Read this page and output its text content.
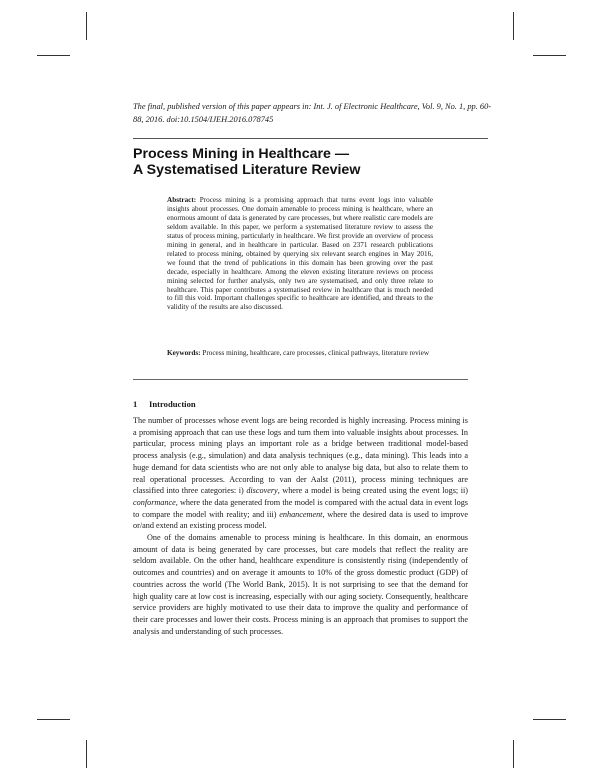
The final, published version of this paper appears in: Int. J. of Electronic Healthcare, Vol. 9, No. 1, pp. 60-88, 2016. doi:10.1504/IJEH.2016.078745
Process Mining in Healthcare —
A Systematised Literature Review
Abstract: Process mining is a promising approach that turns event logs into valuable insights about processes. One domain amenable to process mining is healthcare, where an enormous amount of data is generated by care processes, but where realistic care models are seldom available. In this paper, we perform a systematised literature review to assess the status of process mining, particularly in healthcare. We first provide an overview of process mining in general, and in healthcare in particular. Based on 2371 research publications related to process mining, obtained by querying six relevant search engines in May 2016, we found that the trend of publications in this domain has been growing over the past decade, especially in healthcare. Among the eleven existing literature reviews on process mining selected for further analysis, only two are systematised, and only three relate to healthcare. This paper contributes a systematised review in healthcare that is much needed to fill this void. Important challenges specific to healthcare are identified, and threats to the validity of the results are also discussed.
Keywords: Process mining, healthcare, care processes, clinical pathways, literature review
1 Introduction

The number of processes whose event logs are being recorded is highly increasing. Process mining is a promising approach that can use these logs and turn them into valuable insights about processes. In particular, process mining plays an important role as a bridge between traditional model-based process analysis (e.g., simulation) and data analysis techniques (e.g., data mining). This leads into a huge demand for data scientists who are not only able to analyse big data, but also to relate them to real operational processes. According to van der Aalst (2011), process mining techniques are classified into three categories: i) discovery, where a model is being created using the event logs; ii) conformance, where the data generated from the model is compared with the actual data in event logs to compare the model with reality; and iii) enhancement, where the desired data is used to improve or/and extend an existing process model.

One of the domains amenable to process mining is healthcare. In this domain, an enormous amount of data is being generated by care processes, but care models that reflect the reality are seldom available. On the other hand, healthcare expenditure is consistently rising (independently of outcomes and countries) and on average it amounts to 10% of the gross domestic product (GDP) of countries across the world (The World Bank, 2015). It is not surprising to see that the demand for high quality care at low cost is increasing, especially with our aging society. Consequently, healthcare service providers are highly motivated to use their data to improve the quality and performance of their care processes and lower their costs. Process mining is an approach that promises to support the analysis and understanding of such processes.
